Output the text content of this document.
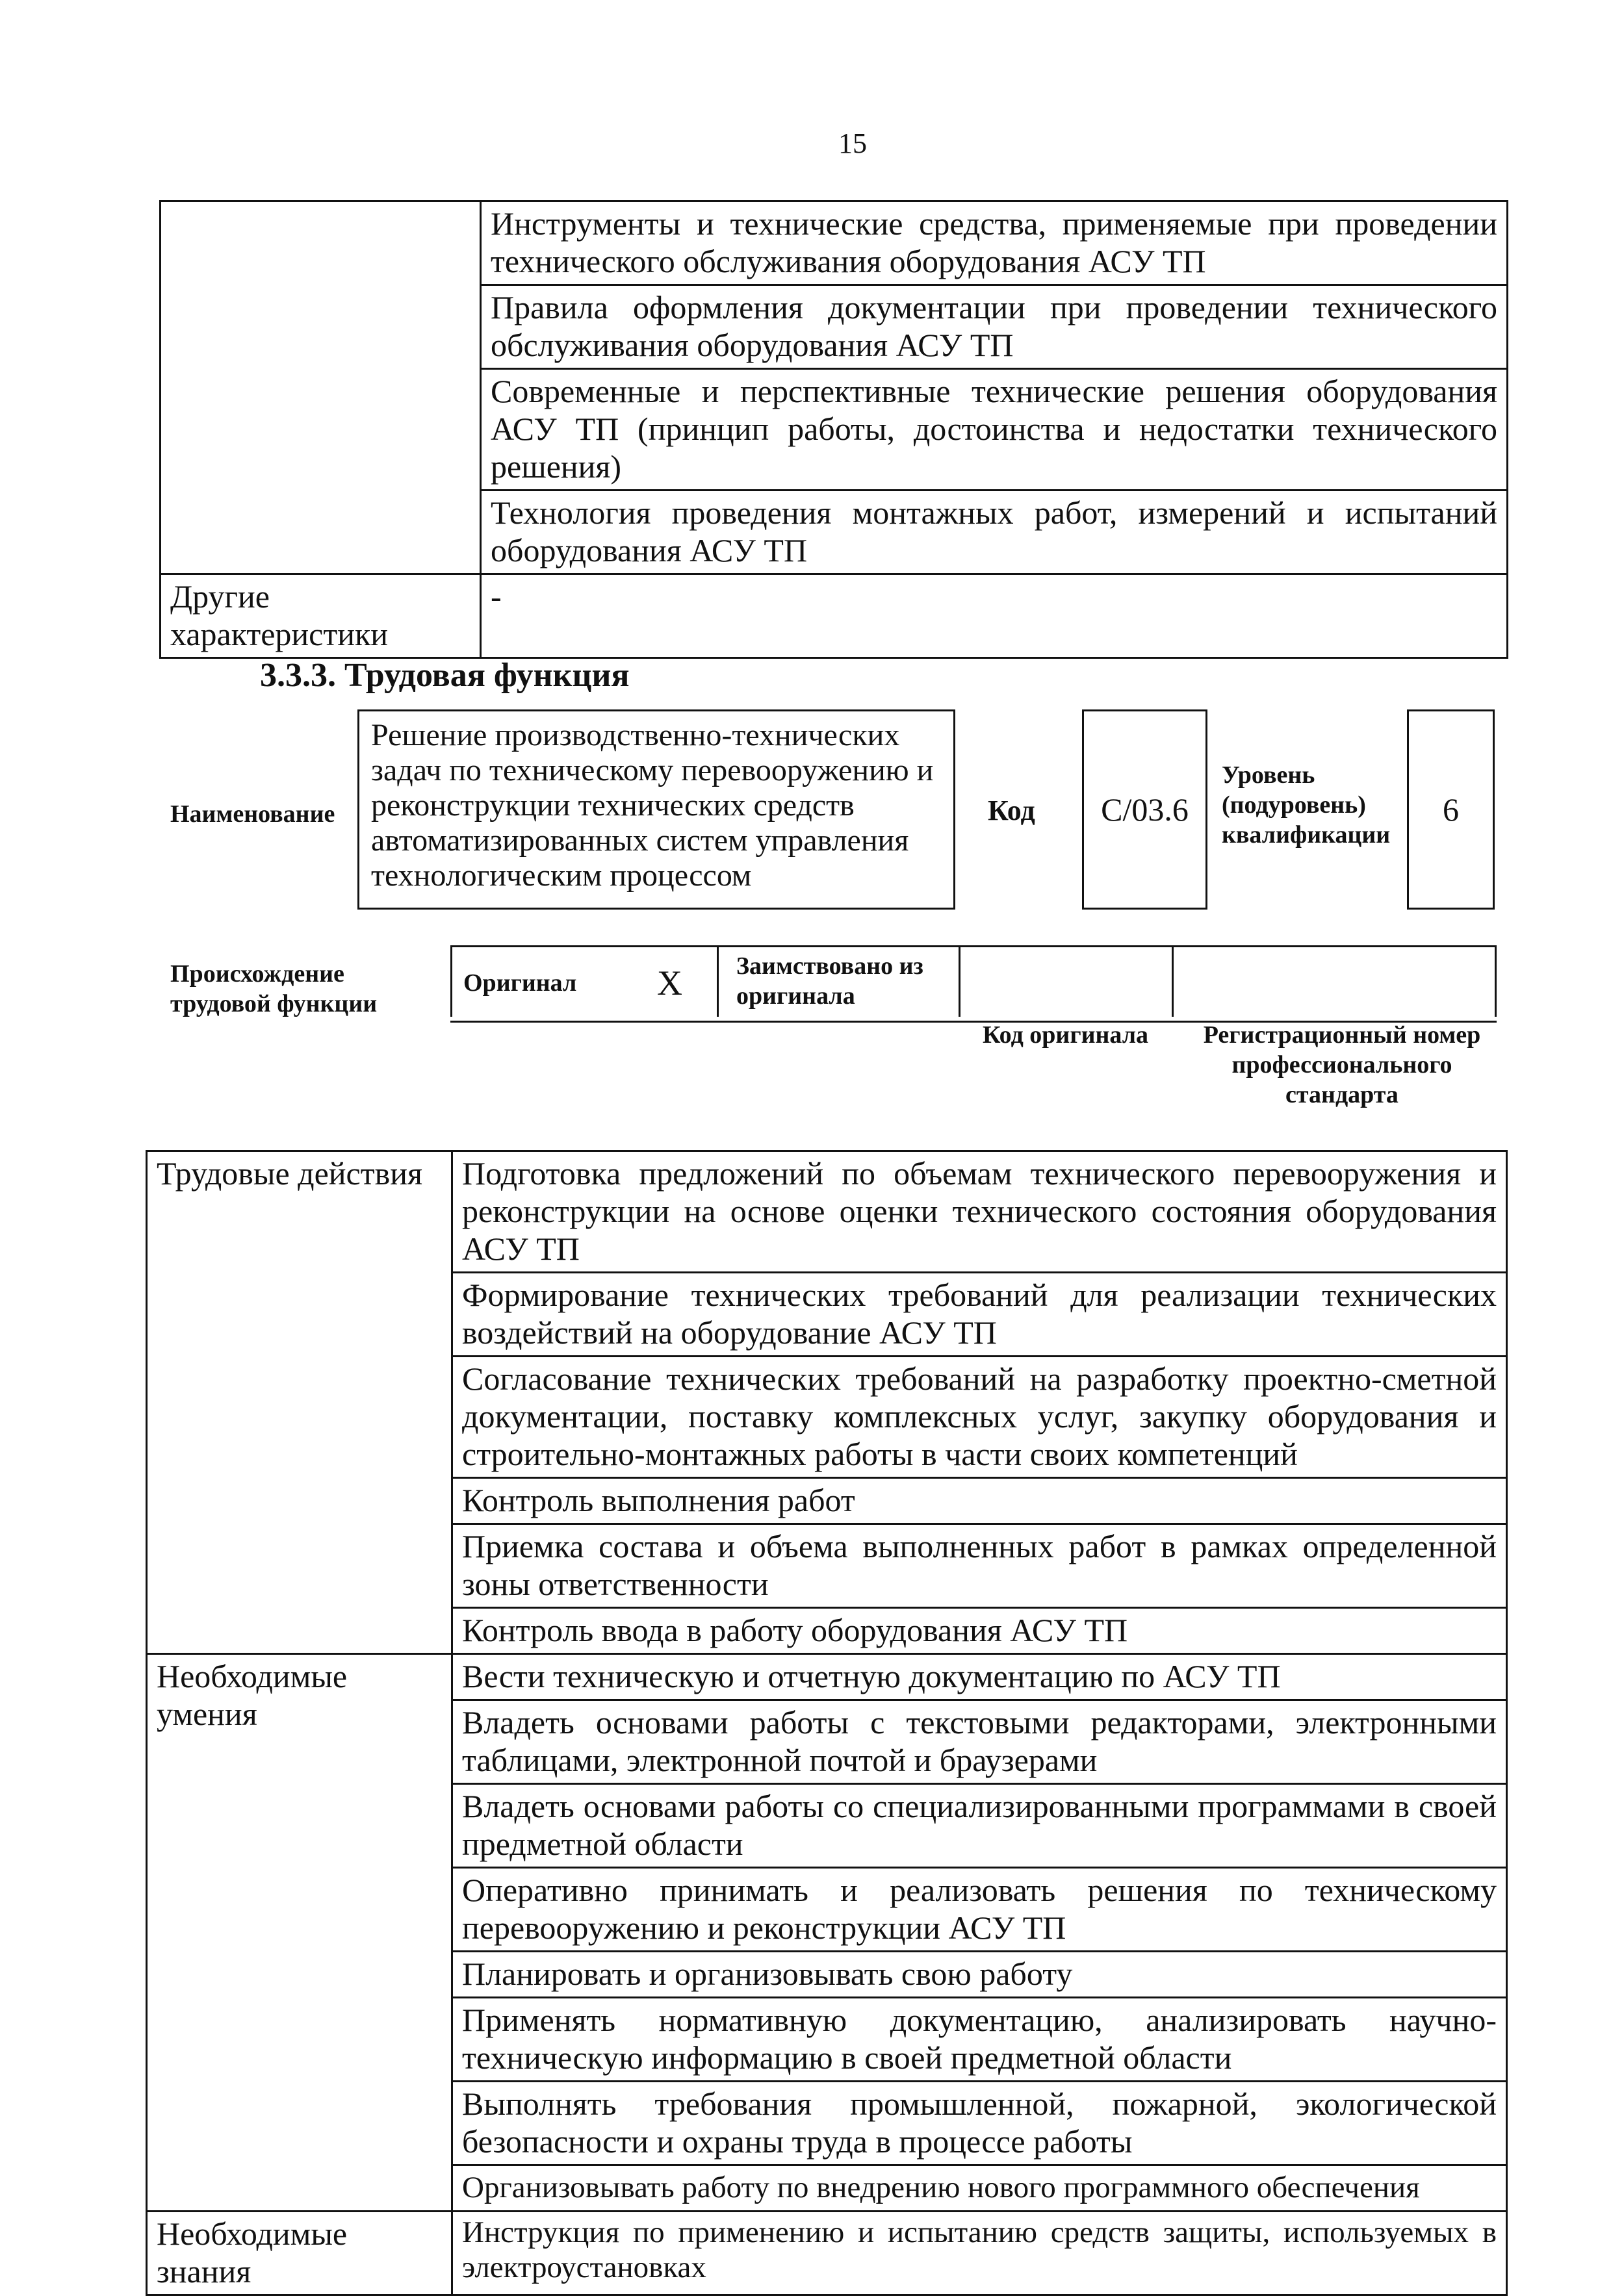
15
	Инструменты и технические средства, применяемые при проведении технического обслуживания оборудования АСУ ТП
	Правила оформления документации при проведении технического обслуживания оборудования АСУ ТП
	Современные и перспективные технические решения оборудования АСУ ТП (принцип работы, достоинства и недостатки технического решения)
	Технология проведения монтажных работ, измерений и испытаний оборудования АСУ ТП
Другие характеристики	-
3.3.3. Трудовая функция
Наименование
Решение производственно-технических задач по техническому перевооружению и реконструкции технических средств автоматизированных систем управления технологическим процессом
Код	C/03.6
Уровень (подуровень) квалификации
6
Происхождение трудовой функции
Оригинал X Заимствовано из оригинала
Код оригинала	Регистрационный номер профессионального стандарта
Трудовые действия	Подготовка предложений по объемам технического перевооружения и реконструкции на основе оценки технического состояния оборудования АСУ ТП
	Формирование технических требований для реализации технических воздействий на оборудование АСУ ТП
	Согласование технических требований на разработку проектно-сметной документации, поставку комплексных услуг, закупку оборудования и строительно-монтажных работы в части своих компетенций
	Контроль выполнения работ
	Приемка состава и объема выполненных работ в рамках определенной зоны ответственности
	Контроль ввода в работу оборудования АСУ ТП
Необходимые умения	Вести техническую и отчетную документацию по АСУ ТП
	Владеть основами работы с текстовыми редакторами, электронными таблицами, электронной почтой и браузерами
	Владеть основами работы со специализированными программами в своей предметной области
	Оперативно принимать и реализовать решения по техническому перевооружению и реконструкции АСУ ТП
	Планировать и организовывать свою работу
	Применять нормативную документацию, анализировать научно-техническую информацию в своей предметной области
	Выполнять требования промышленной, пожарной, экологической безопасности и охраны труда в процессе работы
	Организовывать работу по внедрению нового программного обеспечения
Необходимые знания	Инструкция по применению и испытанию средств защиты, используемых в электроустановках
